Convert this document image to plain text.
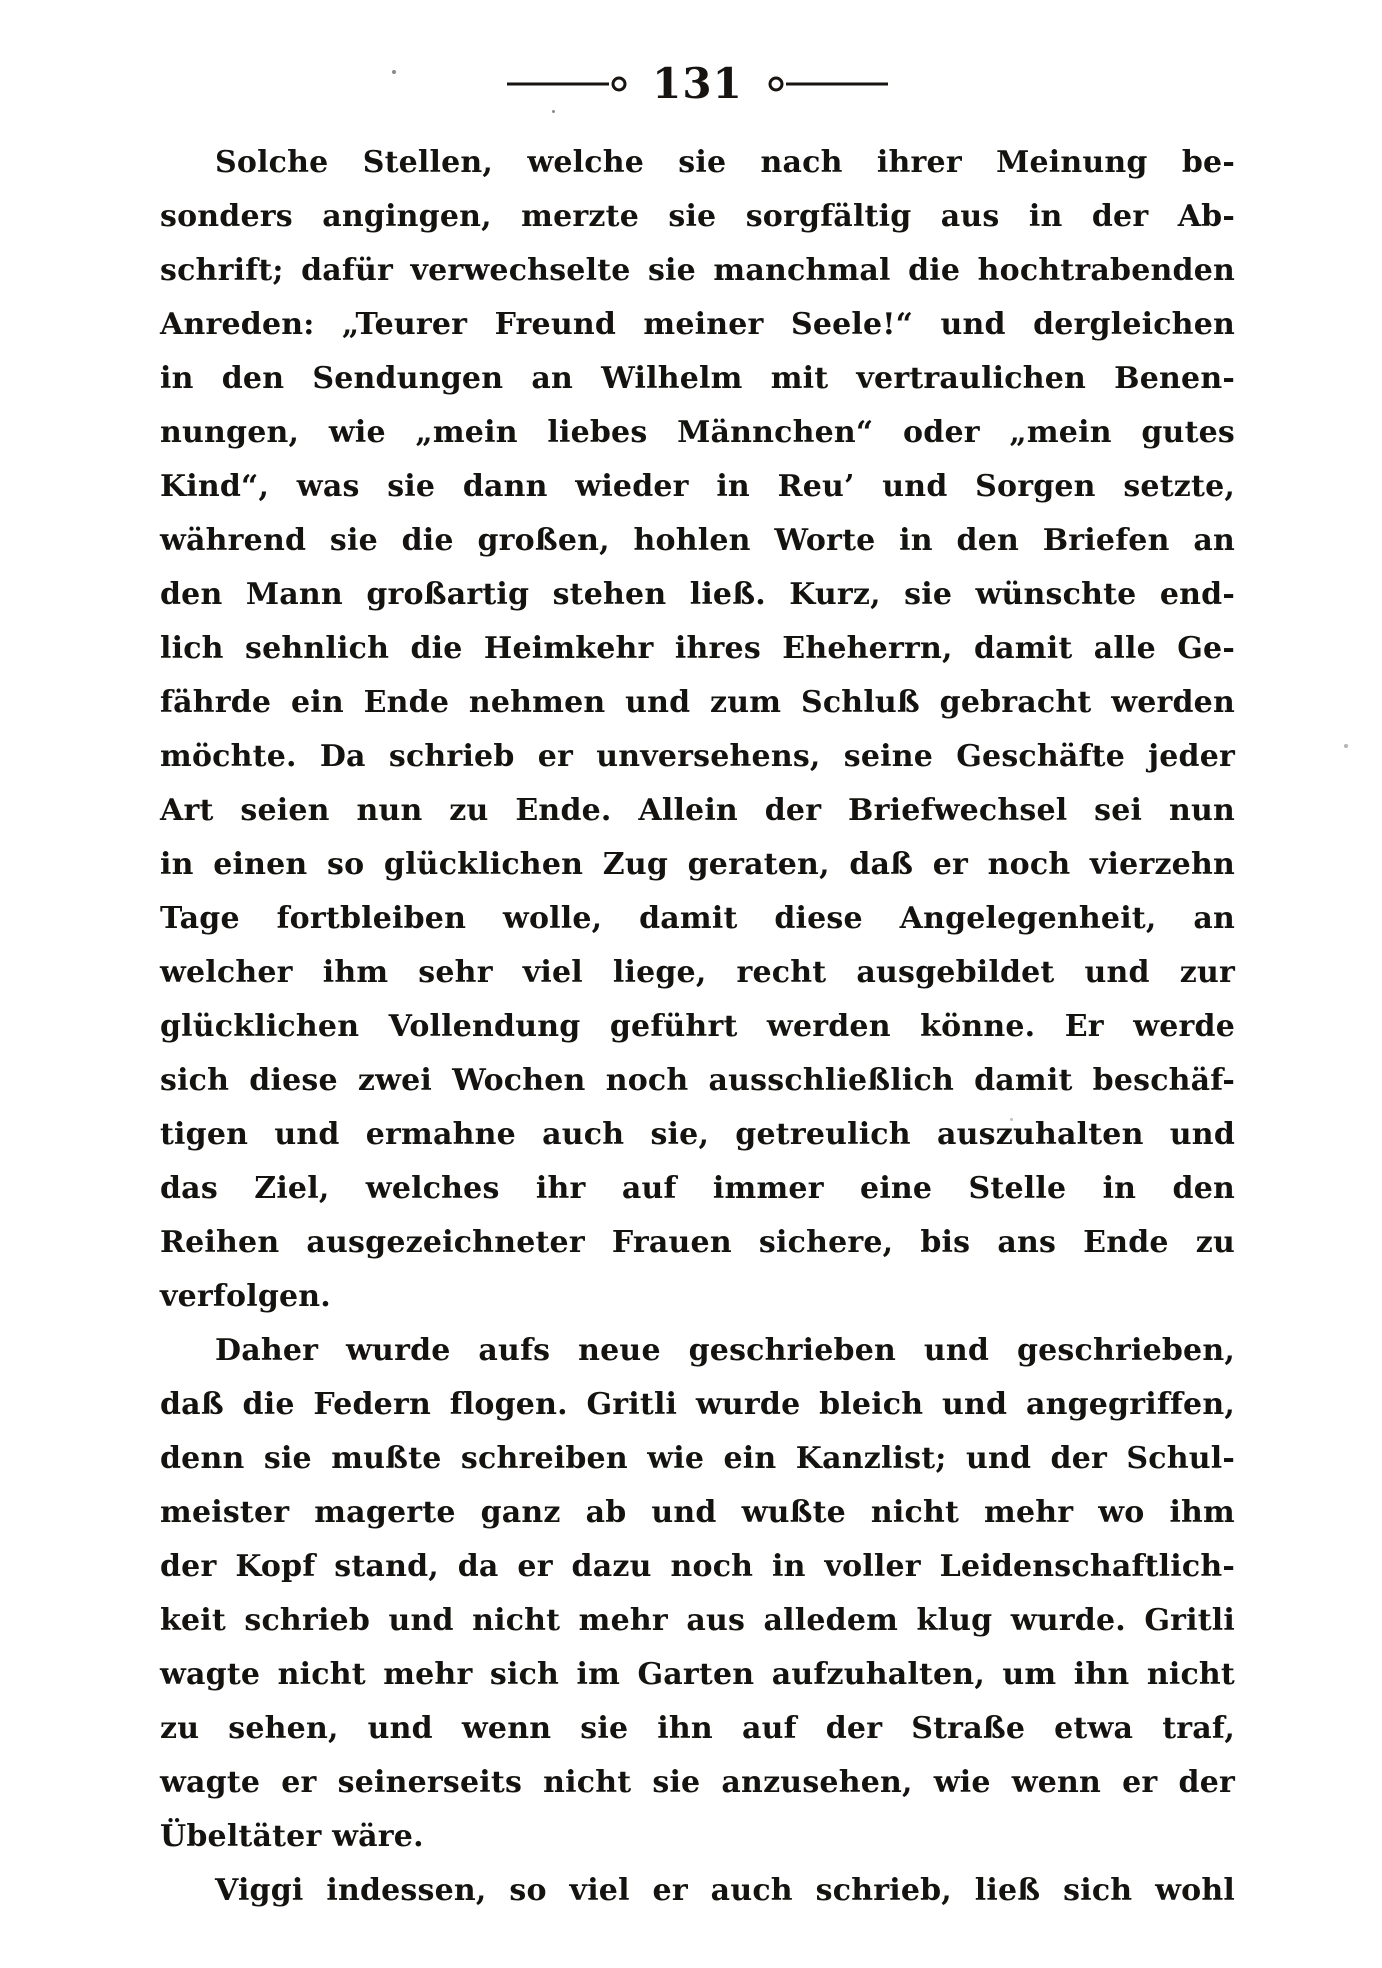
131
Solche Stellen, welche sie nach ihrer Meinung be-
sonders angingen, merzte sie sorgfältig aus in der Ab-
schrift; dafür verwechselte sie manchmal die hochtrabenden
Anreden: „Teurer Freund meiner Seele!“ und dergleichen
in den Sendungen an Wilhelm mit vertraulichen Benen-
nungen, wie „mein liebes Männchen“ oder „mein gutes
Kind“, was sie dann wieder in Reu’ und Sorgen setzte,
während sie die großen, hohlen Worte in den Briefen an
den Mann großartig stehen ließ. Kurz, sie wünschte end-
lich sehnlich die Heimkehr ihres Eheherrn, damit alle Ge-
fährde ein Ende nehmen und zum Schluß gebracht werden
möchte. Da schrieb er unversehens, seine Geschäfte jeder
Art seien nun zu Ende. Allein der Briefwechsel sei nun
in einen so glücklichen Zug geraten, daß er noch vierzehn
Tage fortbleiben wolle, damit diese Angelegenheit, an
welcher ihm sehr viel liege, recht ausgebildet und zur
glücklichen Vollendung geführt werden könne. Er werde
sich diese zwei Wochen noch ausschließlich damit beschäf-
tigen und ermahne auch sie, getreulich auszuhalten und
das Ziel, welches ihr auf immer eine Stelle in den
Reihen ausgezeichneter Frauen sichere, bis ans Ende zu
verfolgen.
Daher wurde aufs neue geschrieben und geschrieben,
daß die Federn flogen. Gritli wurde bleich und angegriffen,
denn sie mußte schreiben wie ein Kanzlist; und der Schul-
meister magerte ganz ab und wußte nicht mehr wo ihm
der Kopf stand, da er dazu noch in voller Leidenschaftlich-
keit schrieb und nicht mehr aus alledem klug wurde. Gritli
wagte nicht mehr sich im Garten aufzuhalten, um ihn nicht
zu sehen, und wenn sie ihn auf der Straße etwa traf,
wagte er seinerseits nicht sie anzusehen, wie wenn er der
Übeltäter wäre.
Viggi indessen, so viel er auch schrieb, ließ sich wohl
